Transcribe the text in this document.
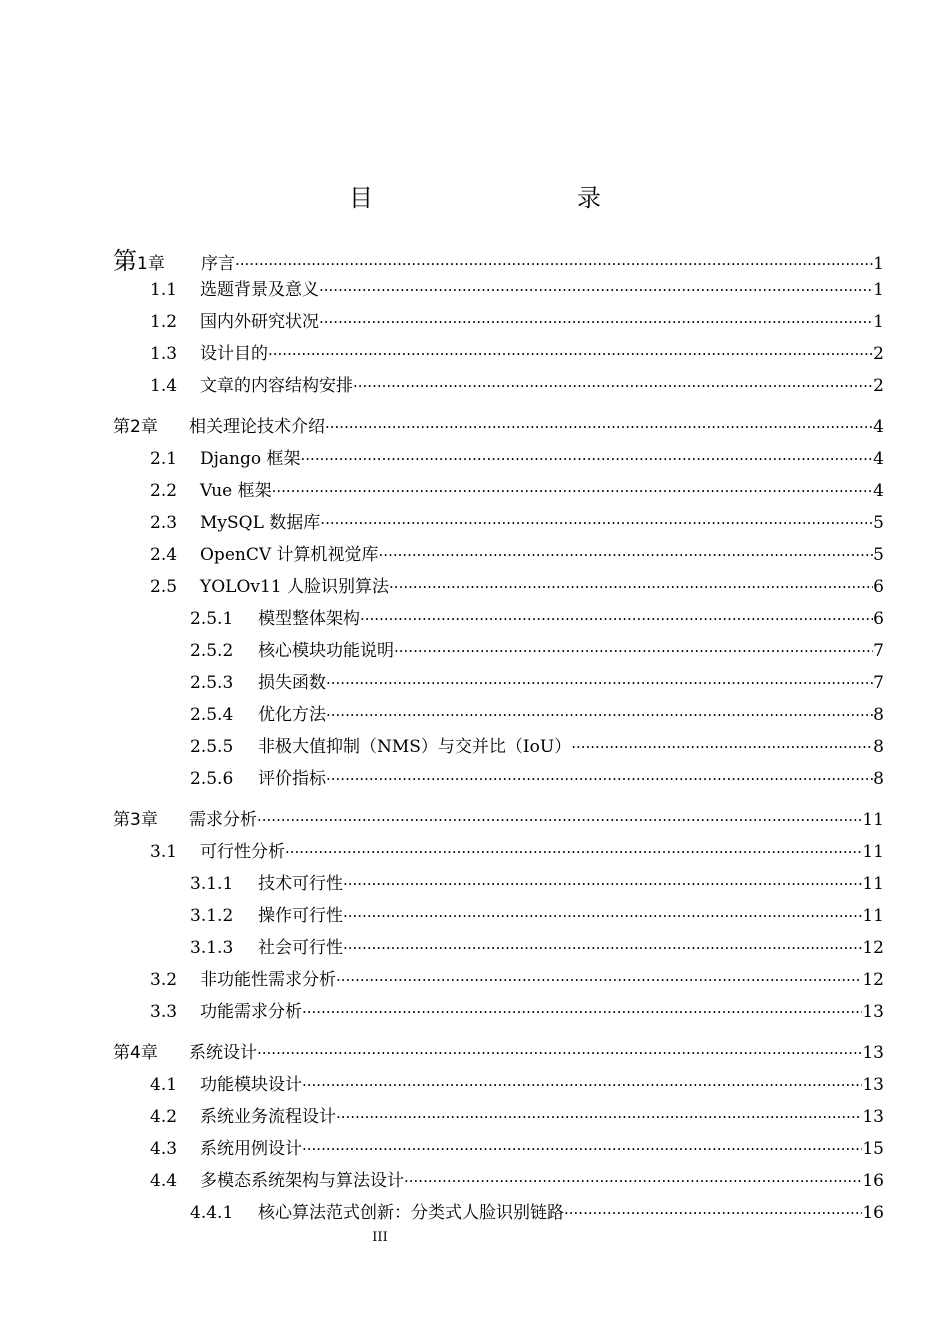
目　　录
第1章	序言 ·····	1
1.1	选题背景及意义 ·····	1
1.2	国内外研究状况 ·····	1
1.3	设计目的 ·····	2
1.4	文章的内容结构安排 ·····	2
第2章	相关理论技术介绍 ·····	4
2.1	Django 框架 ·····	4
2.2	Vue 框架 ·····	4
2.3	MySQL 数据库 ·····	5
2.4	OpenCV 计算机视觉库 ·····	5
2.5	YOLOv11 人脸识别算法 ·····	6
2.5.1	模型整体架构 ·····	6
2.5.2	核心模块功能说明 ·····	7
2.5.3	损失函数 ·····	7
2.5.4	优化方法 ·····	8
2.5.5	非极大值抑制（NMS）与交并比（IoU） ·····	8
2.5.6	评价指标 ·····	8
第3章	需求分析 ·····	11
3.1	可行性分析 ·····	11
3.1.1	技术可行性 ·····	11
3.1.2	操作可行性 ·····	11
3.1.3	社会可行性 ·····	12
3.2	非功能性需求分析 ·····	12
3.3	功能需求分析 ·····	13
第4章	系统设计 ·····	13
4.1	功能模块设计 ·····	13
4.2	系统业务流程设计 ·····	13
4.3	系统用例设计 ·····	15
4.4	多模态系统架构与算法设计 ·····	16
4.4.1	核心算法范式创新：分类式人脸识别链路 ·····	16
III
